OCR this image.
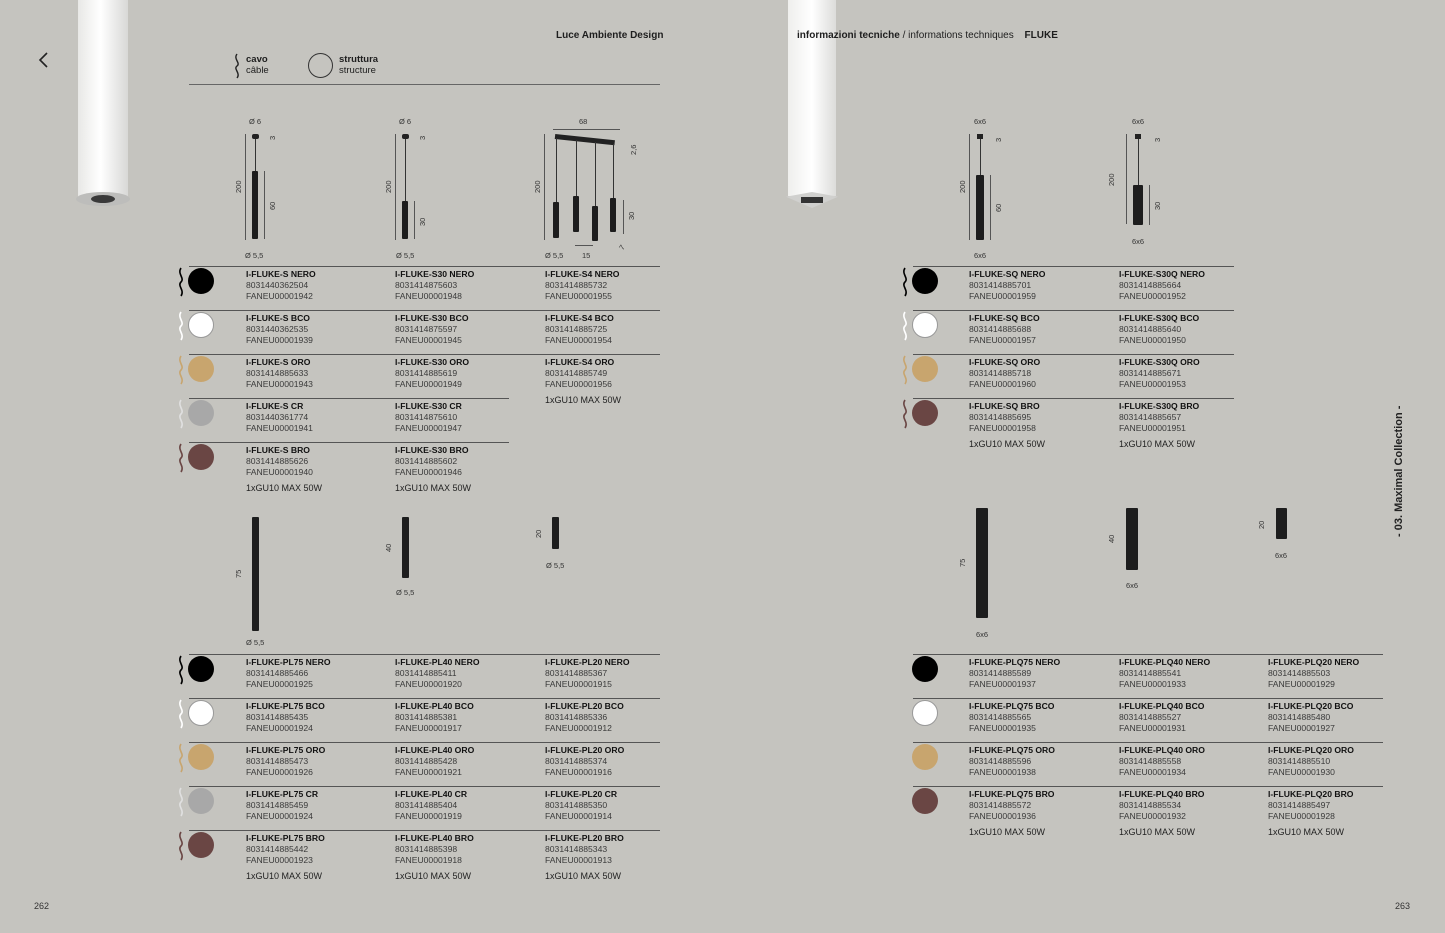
Luce Ambiente Design	informazioni tecniche / informations techniques FLUKE
cavo
câble
struttura
structure
Ø 6
200
60
3
Ø 5,5
Ø 6
200
30
3
Ø 5,5
68
2,6
200
30
Ø 5,5 15
7
I-FLUKE-S NERO
8031440362504
FANEU00001942
I-FLUKE-S30 NERO
8031414875603
FANEU00001948
I-FLUKE-S4 NERO
8031414885732
FANEU00001955
I-FLUKE-S BCO
8031440362535
FANEU00001939
I-FLUKE-S30 BCO
8031414875597
FANEU00001945
I-FLUKE-S4 BCO
8031414885725
FANEU00001954
I-FLUKE-S ORO
8031414885633
FANEU00001943
I-FLUKE-S30 ORO
8031414885619
FANEU00001949
I-FLUKE-S4 ORO
8031414885749
FANEU00001956
I-FLUKE-S CR
8031440361774
FANEU00001941
I-FLUKE-S30 CR
8031414875610
FANEU00001947
I-FLUKE-S BRO
8031414885626
FANEU00001940
I-FLUKE-S30 BRO
8031414885602
FANEU00001946
1xGU10 MAX 50W	1xGU10 MAX 50W
1xGU10 MAX 50W
75
Ø 5,5
40
Ø 5,5
20
Ø 5,5
I-FLUKE-PL75 NERO
8031414885466
FANEU00001925
I-FLUKE-PL40 NERO
8031414885411
FANEU00001920
I-FLUKE-PL20 NERO
8031414885367
FANEU00001915
I-FLUKE-PL75 BCO
8031414885435
FANEU00001924
I-FLUKE-PL40 BCO
8031414885381
FANEU00001917
I-FLUKE-PL20 BCO
8031414885336
FANEU00001912
I-FLUKE-PL75 ORO
8031414885473
FANEU00001926
I-FLUKE-PL40 ORO
8031414885428
FANEU00001921
I-FLUKE-PL20 ORO
8031414885374
FANEU00001916
I-FLUKE-PL75 CR
8031414885459
FANEU00001924
I-FLUKE-PL40 CR
8031414885404
FANEU00001919
I-FLUKE-PL20 CR
8031414885350
FANEU00001914
I-FLUKE-PL75 BRO
8031414885442
FANEU00001923
I-FLUKE-PL40 BRO
8031414885398
FANEU00001918
I-FLUKE-PL20 BRO
8031414885343
FANEU00001913
1xGU10 MAX 50W	1xGU10 MAX 50W	1xGU10 MAX 50W
6x6
200
60
3
6x6
6x6
200
30
3
6x6
I-FLUKE-SQ NERO
8031414885701
FANEU00001959
I-FLUKE-S30Q NERO
8031414885664
FANEU00001952
I-FLUKE-SQ BCO
8031414885688
FANEU00001957
I-FLUKE-S30Q BCO
8031414885640
FANEU00001950
I-FLUKE-SQ ORO
8031414885718
FANEU00001960
I-FLUKE-S30Q ORO
8031414885671
FANEU00001953
I-FLUKE-SQ BRO
8031414885695
FANEU00001958
I-FLUKE-S30Q BRO
8031414885657
FANEU00001951
1xGU10 MAX 50W	1xGU10 MAX 50W
75
6x6
40
6x6
20
6x6
I-FLUKE-PLQ75 NERO
8031414885589
FANEU00001937
I-FLUKE-PLQ40 NERO
8031414885541
FANEU00001933
I-FLUKE-PLQ20 NERO
8031414885503
FANEU00001929
I-FLUKE-PLQ75 BCO
8031414885565
FANEU00001935
I-FLUKE-PLQ40 BCO
8031414885527
FANEU00001931
I-FLUKE-PLQ20 BCO
8031414885480
FANEU00001927
I-FLUKE-PLQ75 ORO
8031414885596
FANEU00001938
I-FLUKE-PLQ40 ORO
8031414885558
FANEU00001934
I-FLUKE-PLQ20 ORO
8031414885510
FANEU00001930
I-FLUKE-PLQ75 BRO
8031414885572
FANEU00001936
I-FLUKE-PLQ40 BRO
8031414885534
FANEU00001932
I-FLUKE-PLQ20 BRO
8031414885497
FANEU00001928
1xGU10 MAX 50W	1xGU10 MAX 50W	1xGU10 MAX 50W
- 03. Maximal Collection -
262	263
